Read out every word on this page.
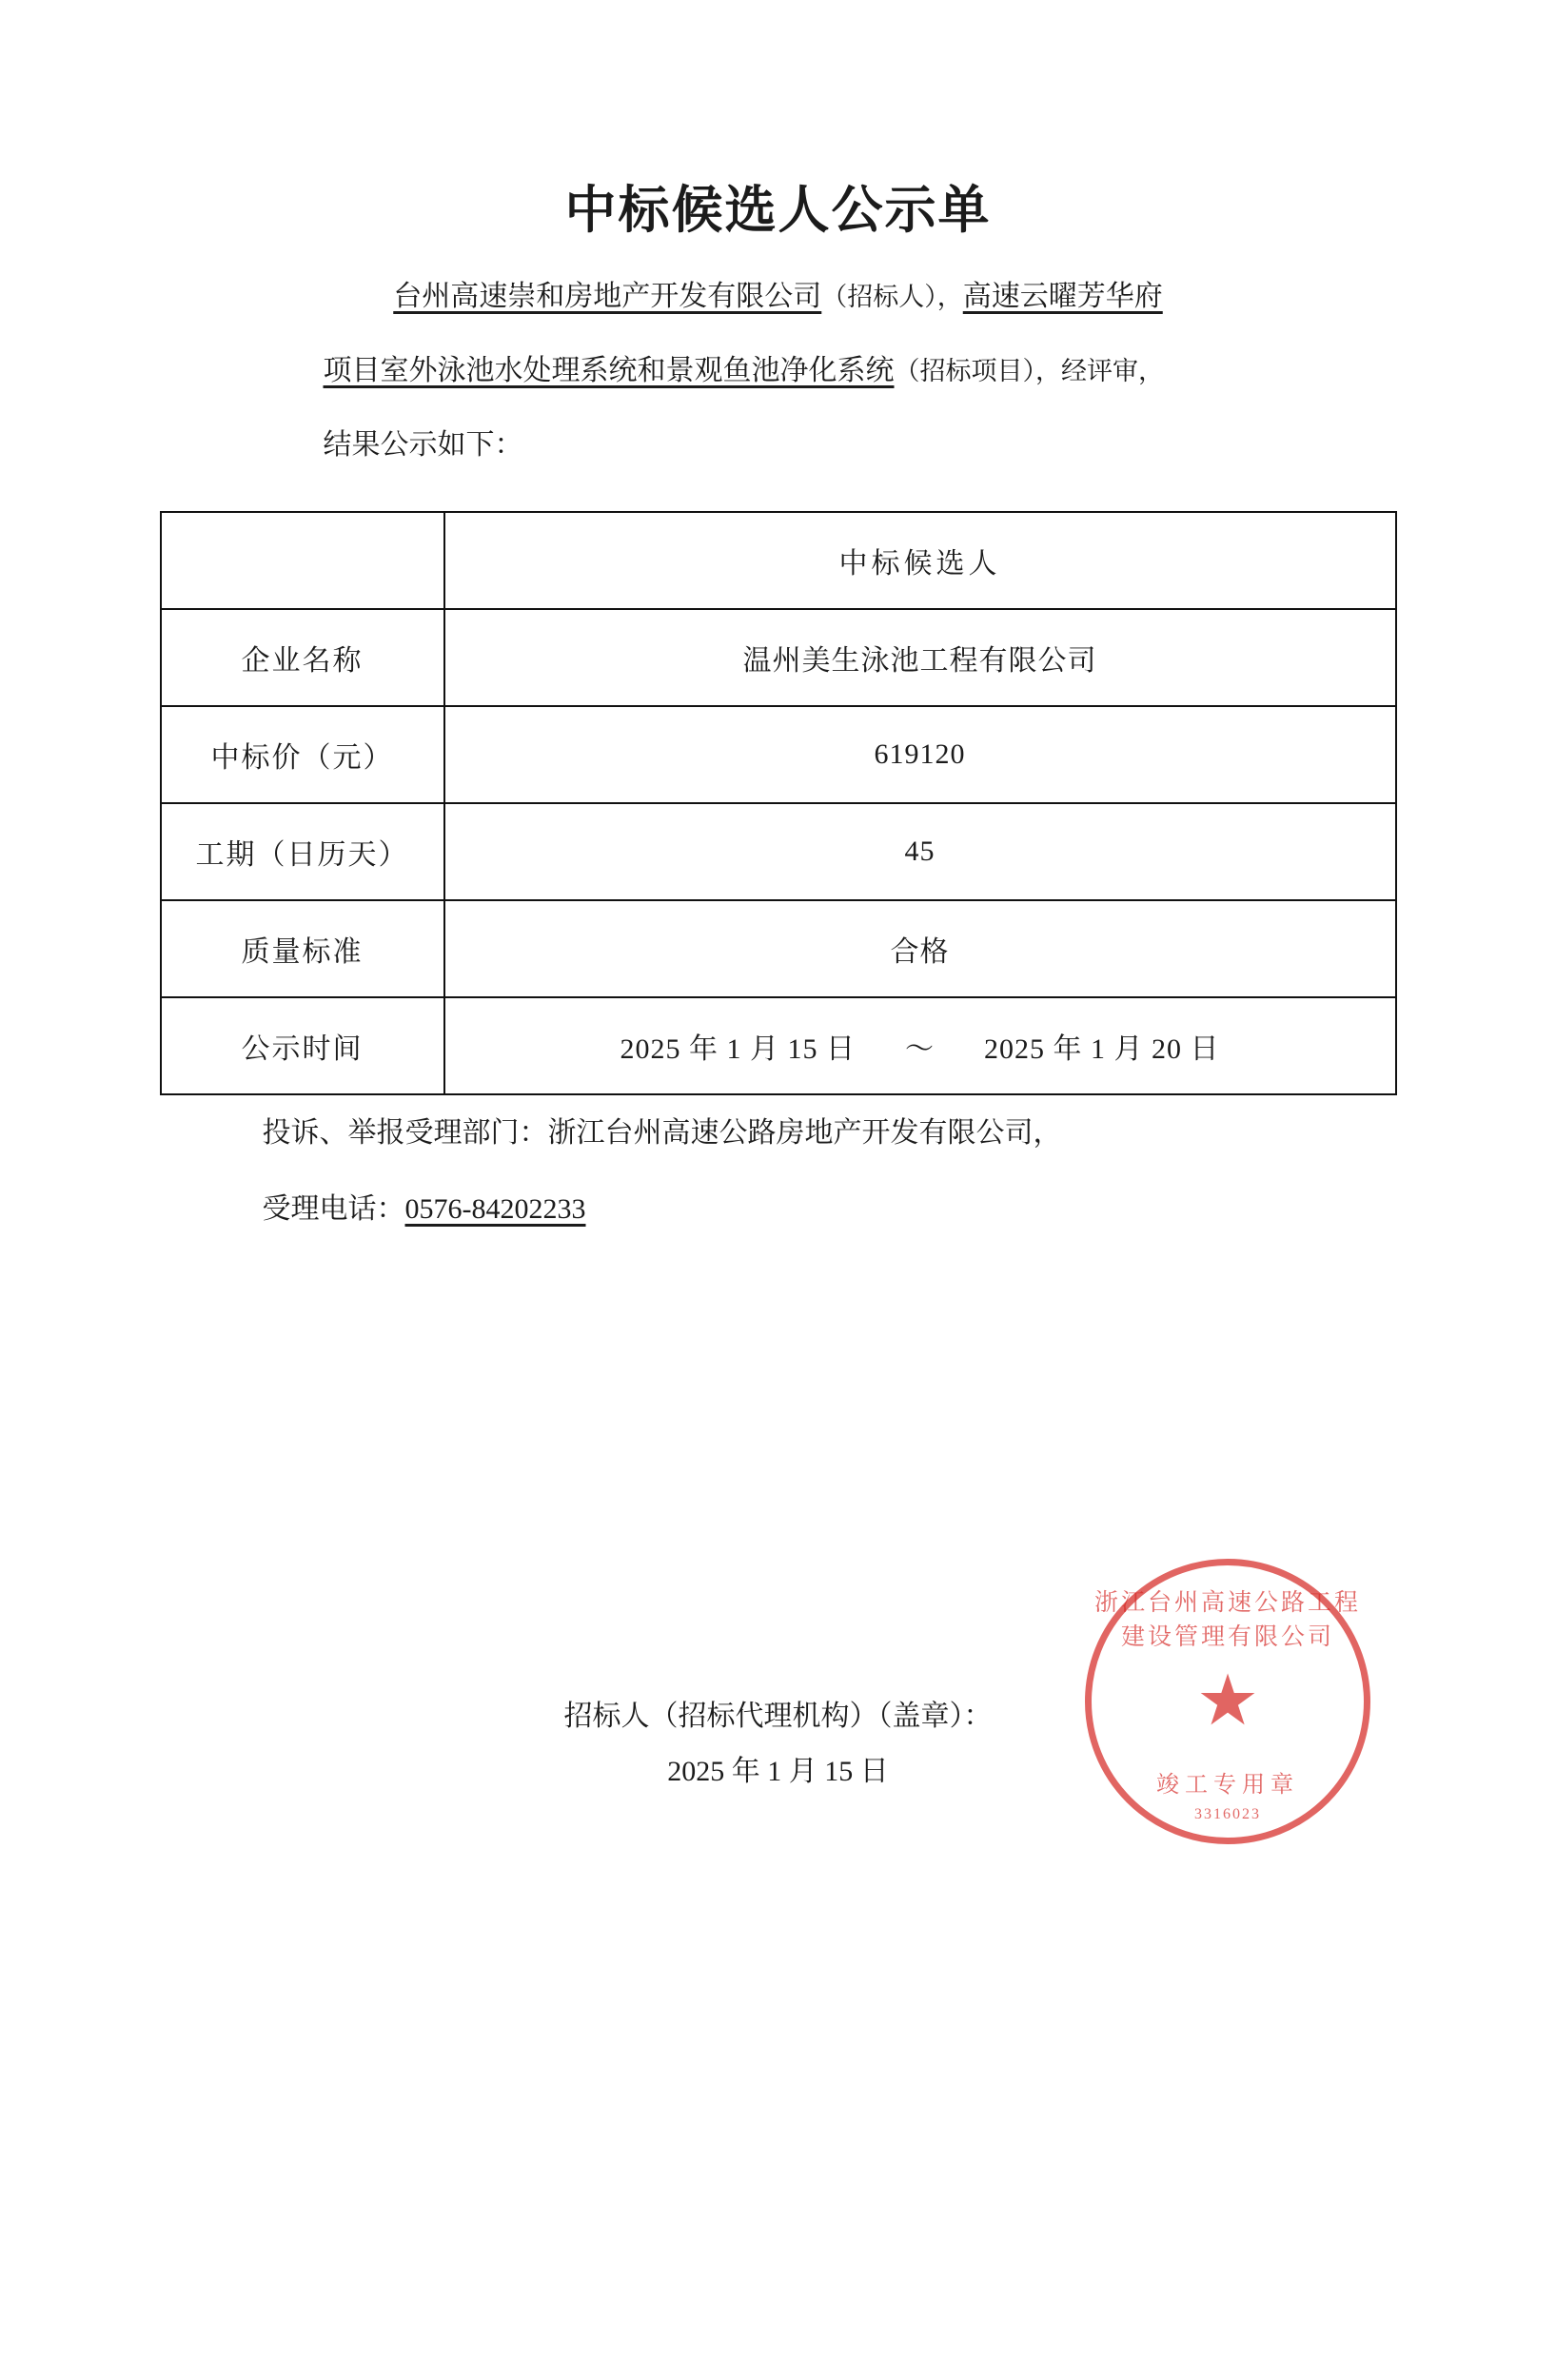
中标候选人公示单

台州高速崇和房地产开发有限公司（招标人），高速云曜芳华府

项目室外泳池水处理系统和景观鱼池净化系统（招标项目），经评审，

结果公示如下：

	中标候选人
企业名称	温州美生泳池工程有限公司
中标价（元）	619120
工期（日历天）	45
质量标准	合格
公示时间	2025 年 1 月 15 日 ～ 2025 年 1 月 20 日

投诉、举报受理部门：浙江台州高速公路房地产开发有限公司，

受理电话：0576-84202233

招标人（招标代理机构）（盖章）：
2025 年 1 月 15 日
浙江台州高速公路工程建设管理有限公司
★
竣工专用章
3316023
